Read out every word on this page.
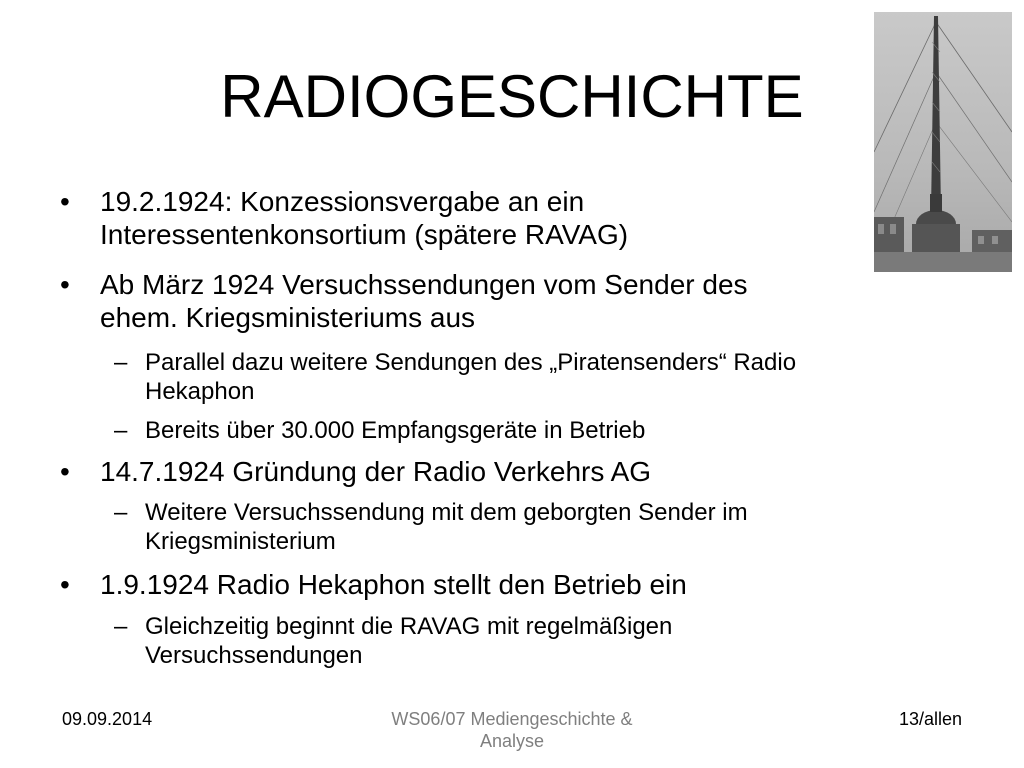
RADIOGESCHICHTE
• 19.2.1924: Konzessionsvergabe an ein
Interessentenkonsortium (spätere RAVAG)
• Ab März 1924 Versuchssendungen vom Sender des
ehem. Kriegsministeriums aus
– Parallel dazu weitere Sendungen des „Piratensenders“ Radio
Hekaphon
– Bereits über 30.000 Empfangsgeräte in Betrieb
• 14.7.1924 Gründung der Radio Verkehrs AG
– Weitere Versuchssendung mit dem geborgten Sender im
Kriegsministerium
• 1.9.1924 Radio Hekaphon stellt den Betrieb ein
– Gleichzeitig beginnt die RAVAG mit regelmäßigen
Versuchssendungen
09.09.2014	WS06/07 Mediengeschichte &
Analyse
13/allen
